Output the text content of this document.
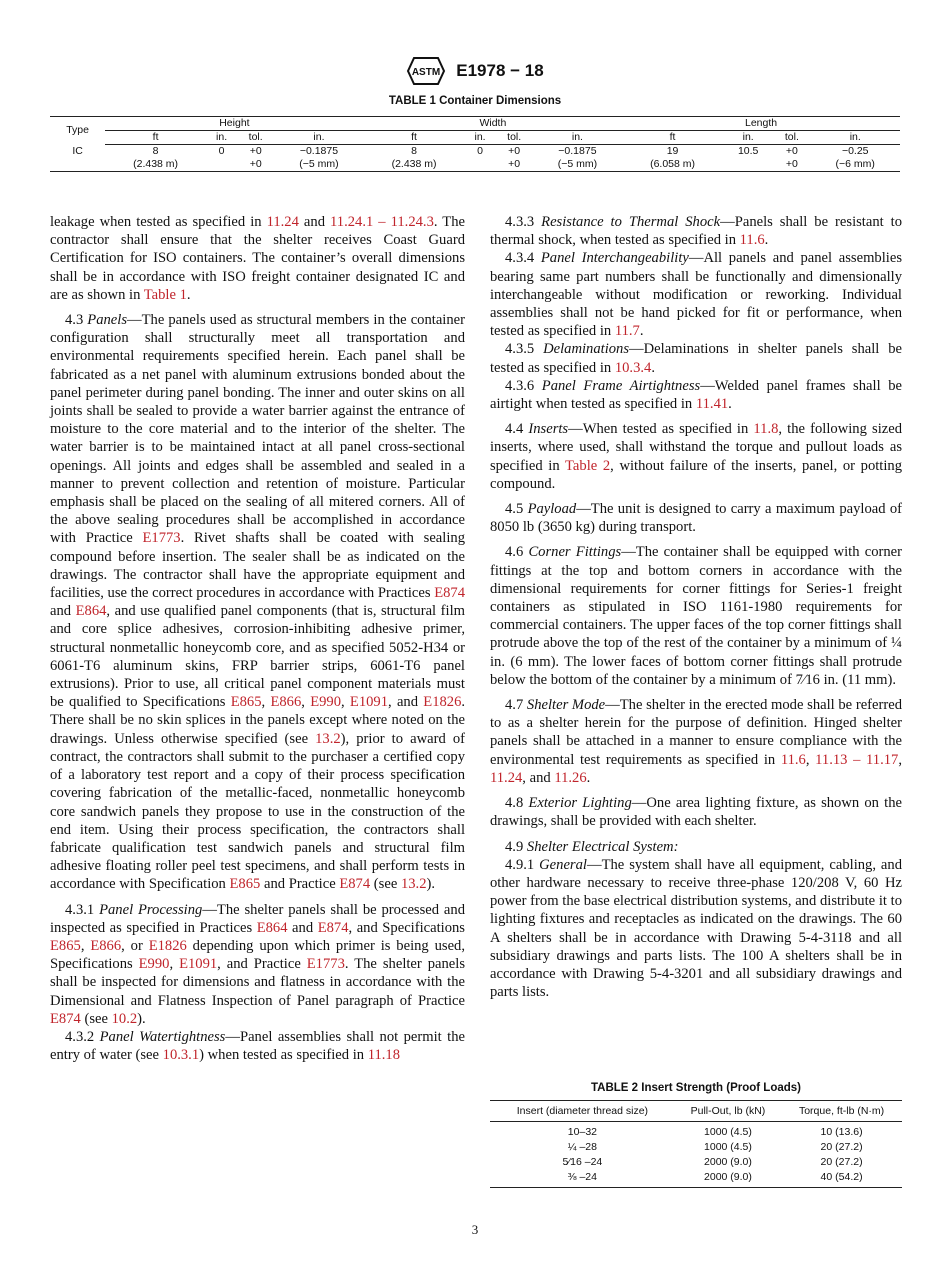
ASTM E1978 − 18
TABLE 1 Container Dimensions
Type	Height				Width				Length			
	ft	in.	tol.	in.	ft	in.	tol.	in.	ft	in.	tol.	in.
IC	8	0	+0	−0.1875	8	0	+0	−0.1875	19	10.5	+0	−0.25
	(2.438 m)		+0	(−5 mm)	(2.438 m)		+0	(−5 mm)	(6.058 m)		+0	(−6 mm)

leakage when tested as specified in 11.24 and 11.24.1 – 11.24.3. The contractor shall ensure that the shelter receives Coast Guard Certification for ISO containers. The container’s overall dimensions shall be in accordance with ISO freight container designated IC and are as shown in Table 1.

4.3 Panels—The panels used as structural members in the container configuration shall structurally meet all transportation and environmental requirements specified herein. Each panel shall be fabricated as a net panel with aluminum extrusions bonded about the panel perimeter during panel bonding. The inner and outer skins on all joints shall be sealed to provide a water barrier against the entrance of moisture to the core material and to the interior of the shelter. The water barrier is to be maintained intact at all panel cross-sectional openings. All joints and edges shall be assembled and sealed in a manner to prevent collection and retention of moisture. Particular emphasis shall be placed on the sealing of all mitered corners. All of the above sealing procedures shall be accomplished in accordance with Practice E1773. Rivet shafts shall be coated with sealing compound before insertion. The sealer shall be as indicated on the drawings. The contractor shall have the appropriate equipment and facilities, use the correct procedures in accordance with Practices E874 and E864, and use qualified panel components (that is, structural film and core splice adhesives, corrosion-inhibiting adhesive primer, structural nonmetallic honeycomb core, and as specified 5052-H34 or 6061-T6 aluminum skins, FRP barrier strips, 6061-T6 panel extrusions). Prior to use, all critical panel component materials must be qualified to Specifications E865, E866, E990, E1091, and E1826. There shall be no skin splices in the panels except where noted on the drawings. Unless otherwise specified (see 13.2), prior to award of contract, the contractors shall submit to the purchaser a certified copy of a laboratory test report and a copy of their process specification covering fabrication of the metallic-faced, nonmetallic honeycomb core sandwich panels they propose to use in the construction of the end item. Using their process specification, the contractors shall fabricate qualification test sandwich panels and structural film adhesive floating roller peel test specimens, and shall perform tests in accordance with Specification E865 and Practice E874 (see 13.2).

4.3.1 Panel Processing—The shelter panels shall be processed and inspected as specified in Practices E864 and E874, and Specifications E865, E866, or E1826 depending upon which primer is being used, Specifications E990, E1091, and Practice E1773. The shelter panels shall be inspected for dimensions and flatness in accordance with the Dimensional and Flatness Inspection of Panel paragraph of Practice E874 (see 10.2).

4.3.2 Panel Watertightness—Panel assemblies shall not permit the entry of water (see 10.3.1) when tested as specified in 11.18

4.3.3 Resistance to Thermal Shock—Panels shall be resistant to thermal shock, when tested as specified in 11.6.

4.3.4 Panel Interchangeability—All panels and panel assemblies bearing same part numbers shall be functionally and dimensionally interchangeable without modification or reworking. Individual assemblies shall not be hand picked for fit or performance, when tested as specified in 11.7.

4.3.5 Delaminations—Delaminations in shelter panels shall be tested as specified in 10.3.4.

4.3.6 Panel Frame Airtightness—Welded panel frames shall be airtight when tested as specified in 11.41.

4.4 Inserts—When tested as specified in 11.8, the following sized inserts, where used, shall withstand the torque and pullout loads as specified in Table 2, without failure of the inserts, panel, or potting compound.

4.5 Payload—The unit is designed to carry a maximum payload of 8050 lb (3650 kg) during transport.

4.6 Corner Fittings—The container shall be equipped with corner fittings at the top and bottom corners in accordance with the dimensional requirements for corner fittings for Series-1 freight containers as stipulated in ISO 1161-1980 requirements for commercial containers. The upper faces of the top corner fittings shall protrude above the top of the rest of the container by a minimum of ¼ in. (6 mm). The lower faces of bottom corner fittings shall protrude below the bottom of the container by a minimum of 7⁄16 in. (11 mm).

4.7 Shelter Mode—The shelter in the erected mode shall be referred to as a shelter herein for the purpose of definition. Hinged shelter panels shall be attached in a manner to ensure compliance with the environmental test requirements as specified in 11.6, 11.13 – 11.17, 11.24, and 11.26.

4.8 Exterior Lighting—One area lighting fixture, as shown on the drawings, shall be provided with each shelter.

4.9 Shelter Electrical System:

4.9.1 General—The system shall have all equipment, cabling, and other hardware necessary to receive three-phase 120/208 V, 60 Hz power from the base electrical distribution systems, and distribute it to lighting fixtures and receptacles as indicated on the drawings. The 60 A shelters shall be in accordance with Drawing 5-4-3118 and all subsidiary drawings and parts lists. The 100 A shelters shall be in accordance with Drawing 5-4-3201 and all subsidiary drawings and parts lists.

TABLE 2 Insert Strength (Proof Loads)
Insert (diameter thread size)	Pull-Out, lb (kN)	Torque, ft-lb (N·m)
10–32	1000 (4.5)	10 (13.6)
¼ –28	1000 (4.5)	20 (27.2)
5⁄16 –24	2000 (9.0)	20 (27.2)
⅜ –24	2000 (9.0)	40 (54.2)
3
